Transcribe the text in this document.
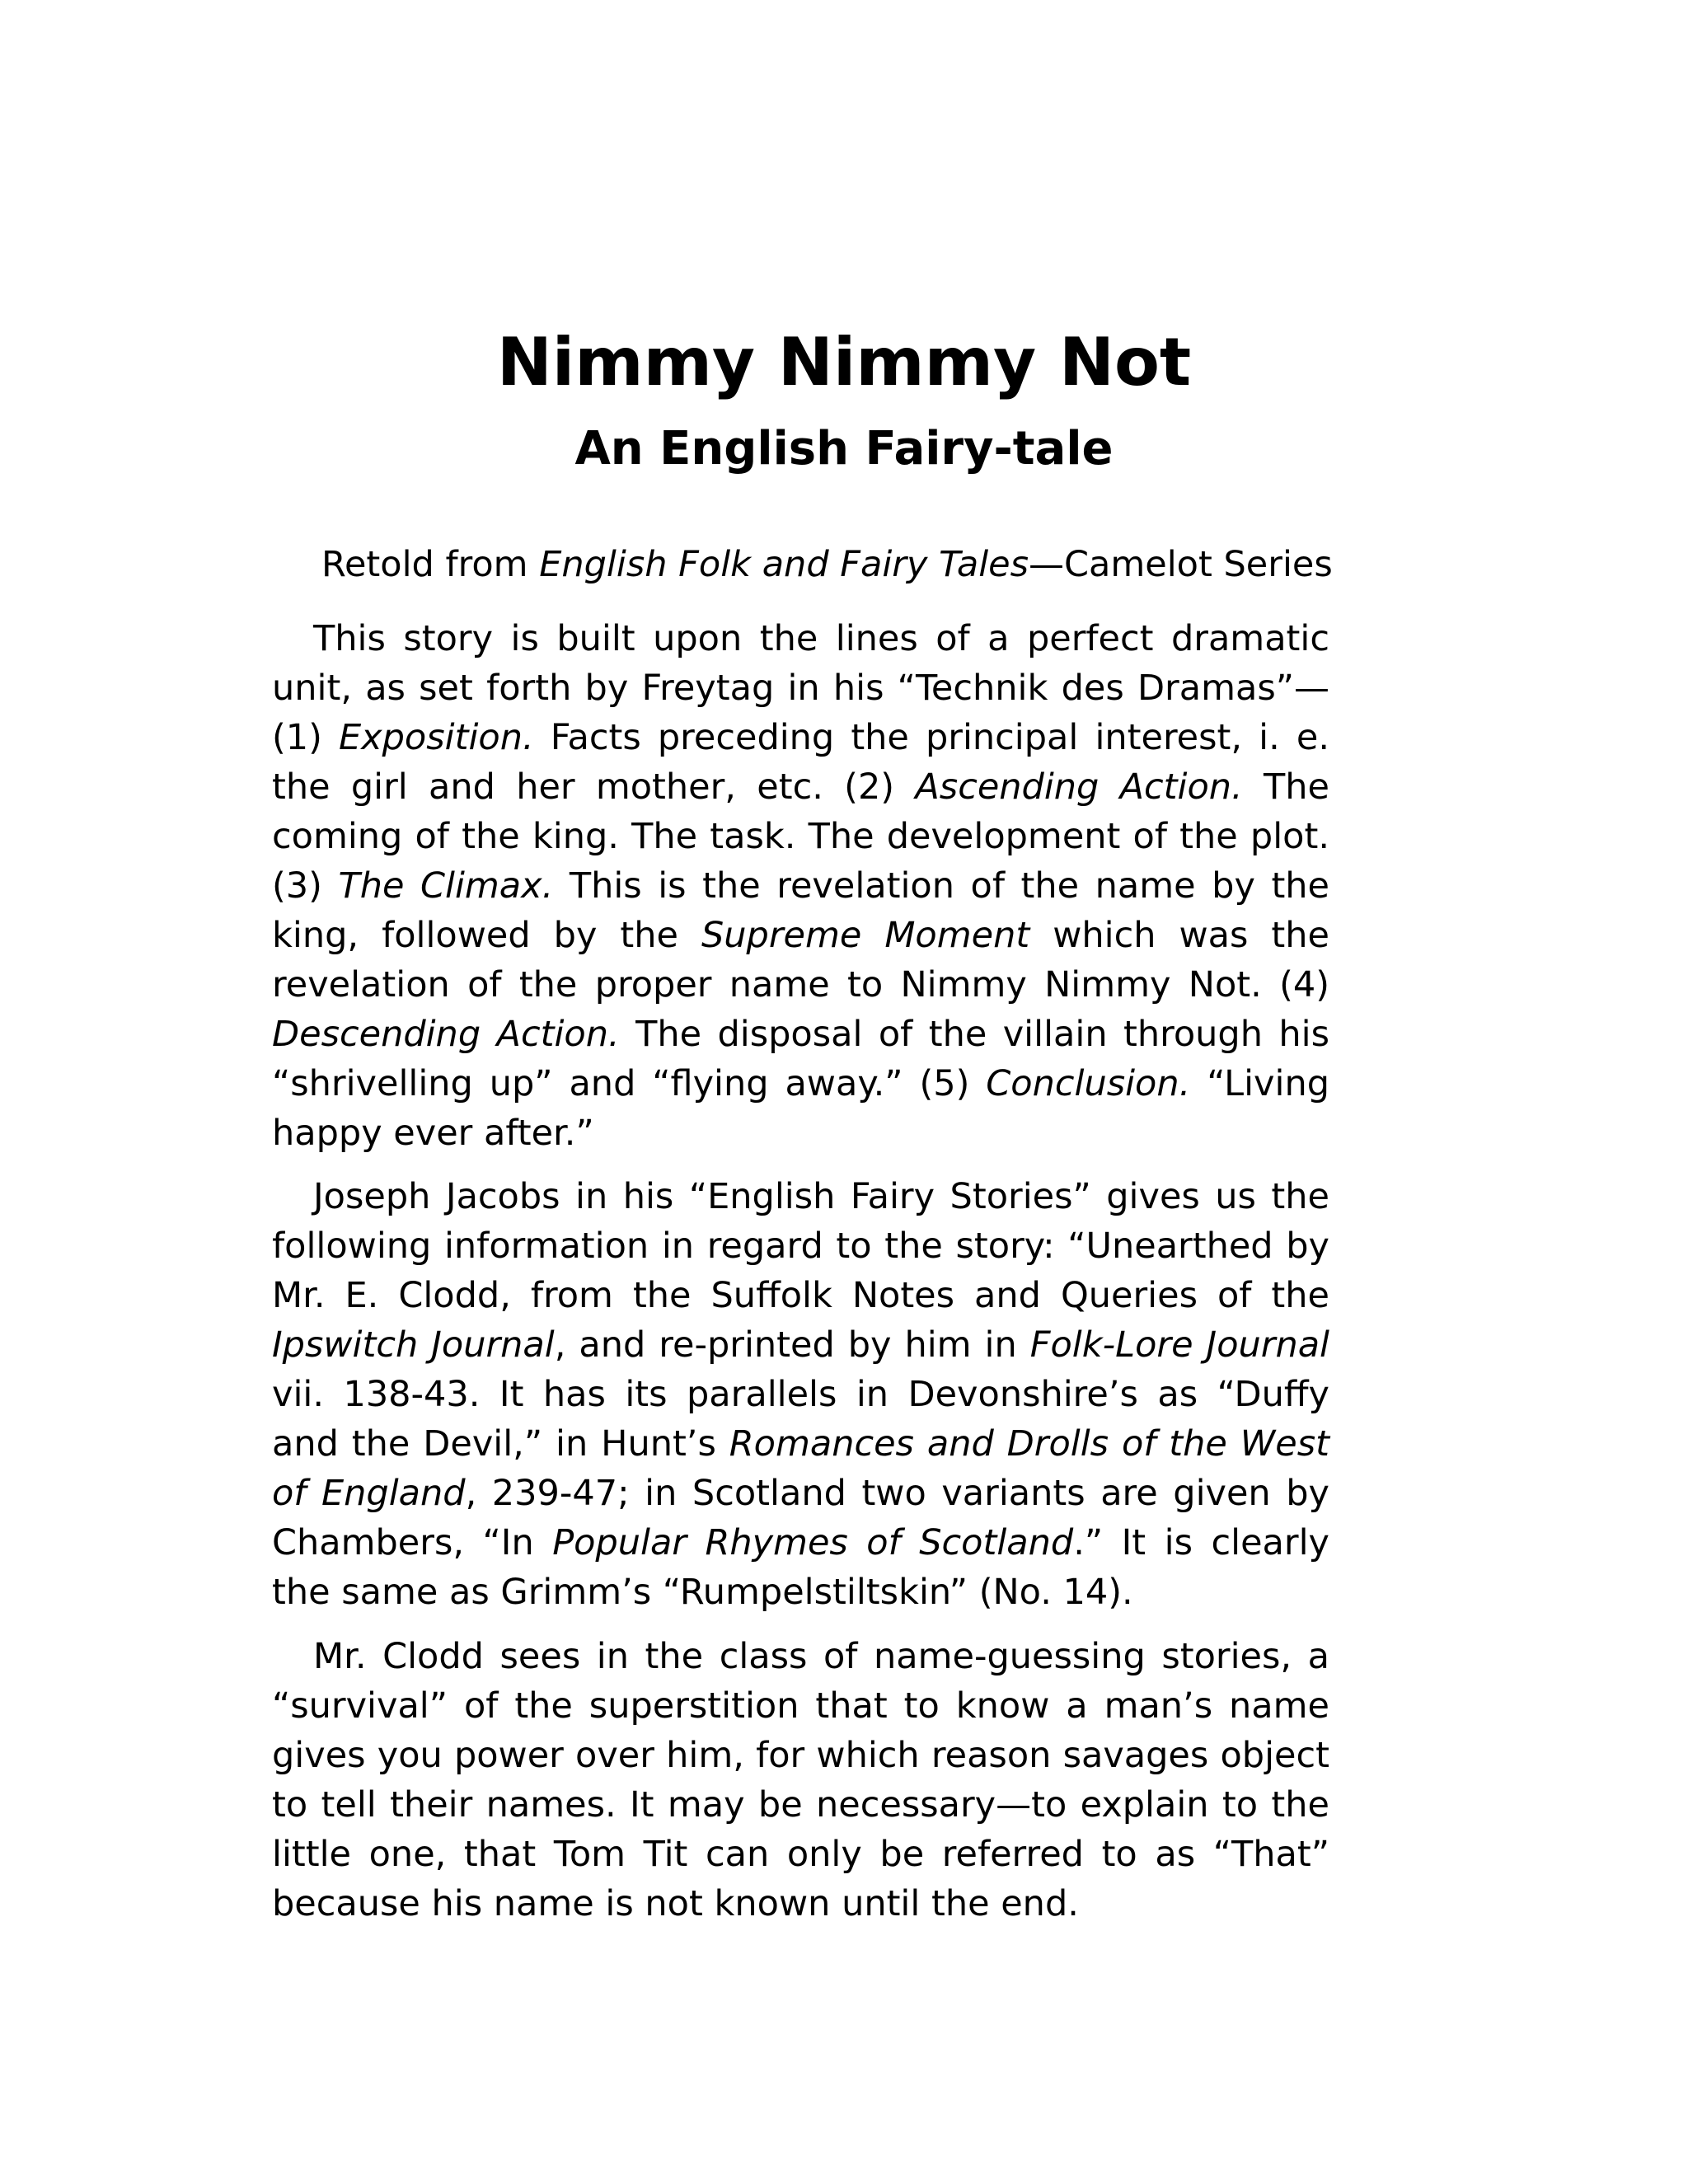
Nimmy Nimmy Not
An English Fairy-tale

Retold from English Folk and Fairy Tales—Camelot Series

This story is built upon the lines of a perfect dramatic unit, as set forth by Freytag in his “Technik des Dramas”—(1) Exposition. Facts preceding the principal interest, i. e. the girl and her mother, etc. (2) Ascending Action. The coming of the king. The task. The development of the plot. (3) The Climax. This is the revelation of the name by the king, followed by the Supreme Moment which was the revelation of the proper name to Nimmy Nimmy Not. (4) Descending Action. The disposal of the villain through his “shrivelling up” and “flying away.” (5) Conclusion. “Living happy ever after.”

Joseph Jacobs in his “English Fairy Stories” gives us the following information in regard to the story: “Unearthed by Mr. E. Clodd, from the Suffolk Notes and Queries of the Ipswitch Journal, and re-printed by him in Folk-Lore Journal vii. 138-43. It has its parallels in Devonshire’s as “Duffy and the Devil,” in Hunt’s Romances and Drolls of the West of England, 239-47; in Scotland two variants are given by Chambers, “In Popular Rhymes of Scotland.” It is clearly the same as Grimm’s “Rumpelstiltskin” (No. 14).

Mr. Clodd sees in the class of name-guessing stories, a “survival” of the superstition that to know a man’s name gives you power over him, for which reason savages object to tell their names. It may be necessary—to explain to the little one, that Tom Tit can only be referred to as “That” because his name is not known until the end.
